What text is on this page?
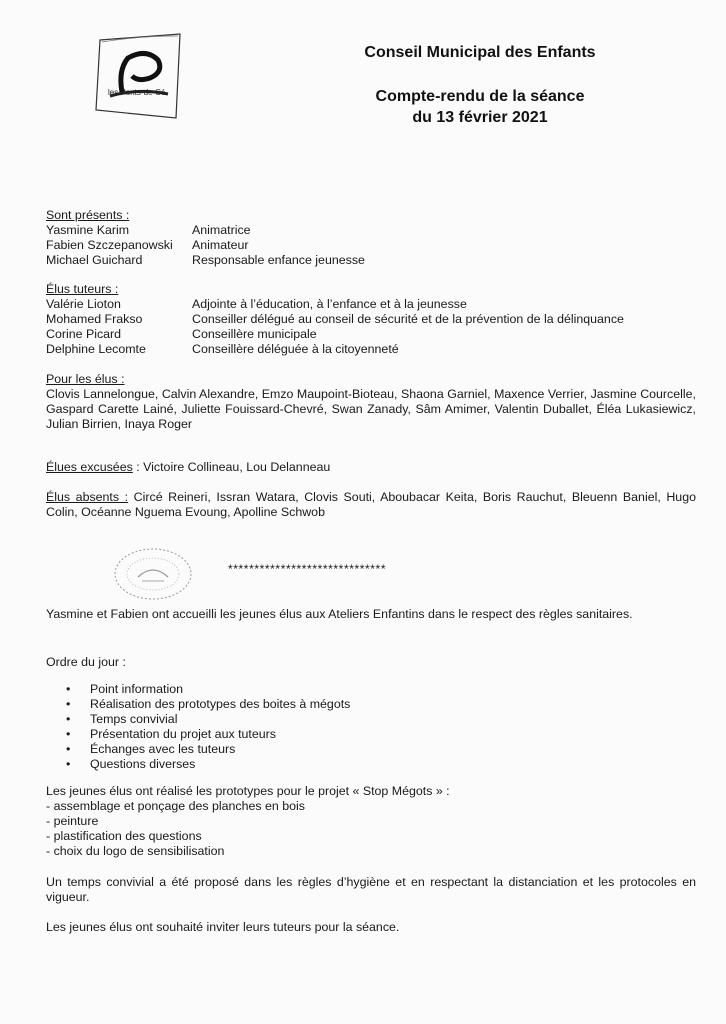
les Ponts-de-Cé
Conseil Municipal des Enfants
Compte-rendu de la séance
du 13 février 2021
Sont présents :
Yasmine Karim	Animatrice
Fabien Szczepanowski Animateur
Michael Guichard	Responsable enfance jeunesse
Élus tuteurs :
Valérie Lioton	Adjointe à l’éducation, à l’enfance et à la jeunesse
Mohamed Frakso	Conseiller délégué au conseil de sécurité et de la prévention de la délinquance
Corine Picard	Conseillère municipale
Delphine Lecomte	Conseillère déléguée à la citoyenneté
Pour les élus :
Clovis Lannelongue, Calvin Alexandre, Emzo Maupoint-Bioteau, Shaona Garniel, Maxence Verrier, Jasmine Courcelle, Gaspard Carette Lainé, Juliette Fouissard-Chevré, Swan Zanady, Sâm Amimer, Valentin Duballet, Éléa Lukasiewicz, Julian Birrien, Inaya Roger
Élues excusées : Victoire Collineau, Lou Delanneau
Élus absents : Circé Reineri, Issran Watara, Clovis Souti, Aboubacar Keita, Boris Rauchut, Bleuenn Baniel, Hugo Colin, Océanne Nguema Evoung, Apolline Schwob
******************************
Yasmine et Fabien ont accueilli les jeunes élus aux Ateliers Enfantins dans le respect des règles sanitaires.
Ordre du jour :
• Point information
• Réalisation des prototypes des boites à mégots
• Temps convivial
• Présentation du projet aux tuteurs
• Échanges avec les tuteurs
• Questions diverses
Les jeunes élus ont réalisé les prototypes pour le projet « Stop Mégots » :
- assemblage et ponçage des planches en bois
- peinture
- plastification des questions
- choix du logo de sensibilisation
Un temps convivial a été proposé dans les règles d’hygiène et en respectant la distanciation et les protocoles en vigueur.
Les jeunes élus ont souhaité inviter leurs tuteurs pour la séance.
